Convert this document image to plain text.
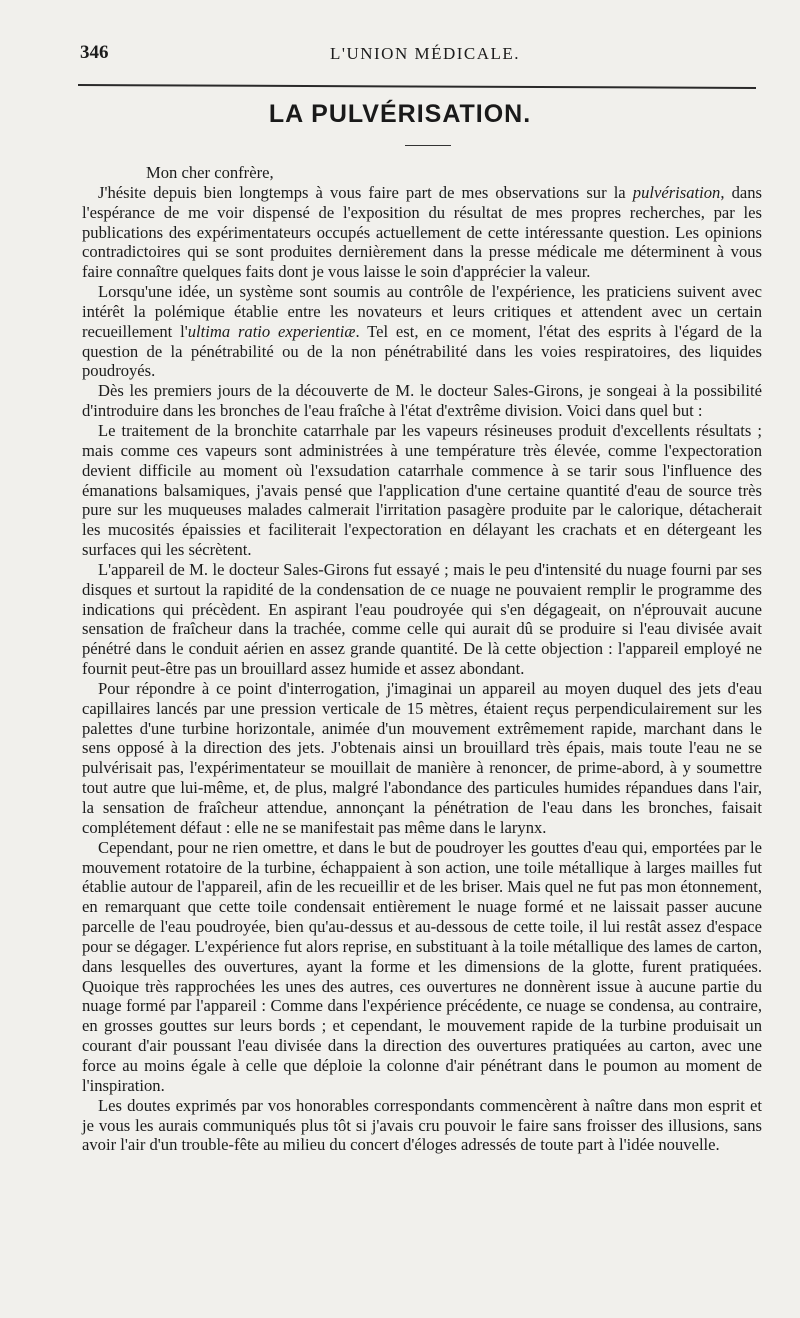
346	L'UNION MÉDICALE.
LA PULVÉRISATION.

Mon cher confrère,

J'hésite depuis bien longtemps à vous faire part de mes observations sur la pulvérisation, dans l'espérance de me voir dispensé de l'exposition du résultat de mes propres recherches, par les publications des expérimentateurs occupés actuellement de cette intéressante question. Les opinions contradictoires qui se sont produites dernièrement dans la presse médicale me déterminent à vous faire connaître quelques faits dont je vous laisse le soin d'apprécier la valeur.

Lorsqu'une idée, un système sont soumis au contrôle de l'expérience, les praticiens suivent avec intérêt la polémique établie entre les novateurs et leurs critiques et attendent avec un certain recueillement l'ultima ratio experientiæ. Tel est, en ce moment, l'état des esprits à l'égard de la question de la pénétrabilité ou de la non pénétrabilité dans les voies respiratoires, des liquides poudroyés.

Dès les premiers jours de la découverte de M. le docteur Sales-Girons, je songeai à la possibilité d'introduire dans les bronches de l'eau fraîche à l'état d'extrême division. Voici dans quel but :

Le traitement de la bronchite catarrhale par les vapeurs résineuses produit d'excellents résultats ; mais comme ces vapeurs sont administrées à une température très élevée, comme l'expectoration devient difficile au moment où l'exsudation catarrhale commence à se tarir sous l'influence des émanations balsamiques, j'avais pensé que l'application d'une certaine quantité d'eau de source très pure sur les muqueuses malades calmerait l'irritation pasagère produite par le calorique, détacherait les mucosités épaissies et faciliterait l'expectoration en délayant les crachats et en détergeant les surfaces qui les sécrètent.

L'appareil de M. le docteur Sales-Girons fut essayé ; mais le peu d'intensité du nuage fourni par ses disques et surtout la rapidité de la condensation de ce nuage ne pouvaient remplir le programme des indications qui précèdent. En aspirant l'eau poudroyée qui s'en dégageait, on n'éprouvait aucune sensation de fraîcheur dans la trachée, comme celle qui aurait dû se produire si l'eau divisée avait pénétré dans le conduit aérien en assez grande quantité. De là cette objection : l'appareil employé ne fournit peut-être pas un brouillard assez humide et assez abondant.

Pour répondre à ce point d'interrogation, j'imaginai un appareil au moyen duquel des jets d'eau capillaires lancés par une pression verticale de 15 mètres, étaient reçus perpendiculairement sur les palettes d'une turbine horizontale, animée d'un mouvement extrêmement rapide, marchant dans le sens opposé à la direction des jets. J'obtenais ainsi un brouillard très épais, mais toute l'eau ne se pulvérisait pas, l'expérimentateur se mouillait de manière à renoncer, de prime-abord, à y soumettre tout autre que lui-même, et, de plus, malgré l'abondance des particules humides répandues dans l'air, la sensation de fraîcheur attendue, annonçant la pénétration de l'eau dans les bronches, faisait complétement défaut : elle ne se manifestait pas même dans le larynx.

Cependant, pour ne rien omettre, et dans le but de poudroyer les gouttes d'eau qui, emportées par le mouvement rotatoire de la turbine, échappaient à son action, une toile métallique à larges mailles fut établie autour de l'appareil, afin de les recueillir et de les briser. Mais quel ne fut pas mon étonnement, en remarquant que cette toile condensait entièrement le nuage formé et ne laissait passer aucune parcelle de l'eau poudroyée, bien qu'au-dessus et au-dessous de cette toile, il lui restât assez d'espace pour se dégager. L'expérience fut alors reprise, en substituant à la toile métallique des lames de carton, dans lesquelles des ouvertures, ayant la forme et les dimensions de la glotte, furent pratiquées. Quoique très rapprochées les unes des autres, ces ouvertures ne donnèrent issue à aucune partie du nuage formé par l'appareil : Comme dans l'expérience précédente, ce nuage se condensa, au contraire, en grosses gouttes sur leurs bords ; et cependant, le mouvement rapide de la turbine produisait un courant d'air poussant l'eau divisée dans la direction des ouvertures pratiquées au carton, avec une force au moins égale à celle que déploie la colonne d'air pénétrant dans le poumon au moment de l'inspiration.

Les doutes exprimés par vos honorables correspondants commencèrent à naître dans mon esprit et je vous les aurais communiqués plus tôt si j'avais cru pouvoir le faire sans froisser des illusions, sans avoir l'air d'un trouble-fête au milieu du concert d'éloges adressés de toute part à l'idée nouvelle.
